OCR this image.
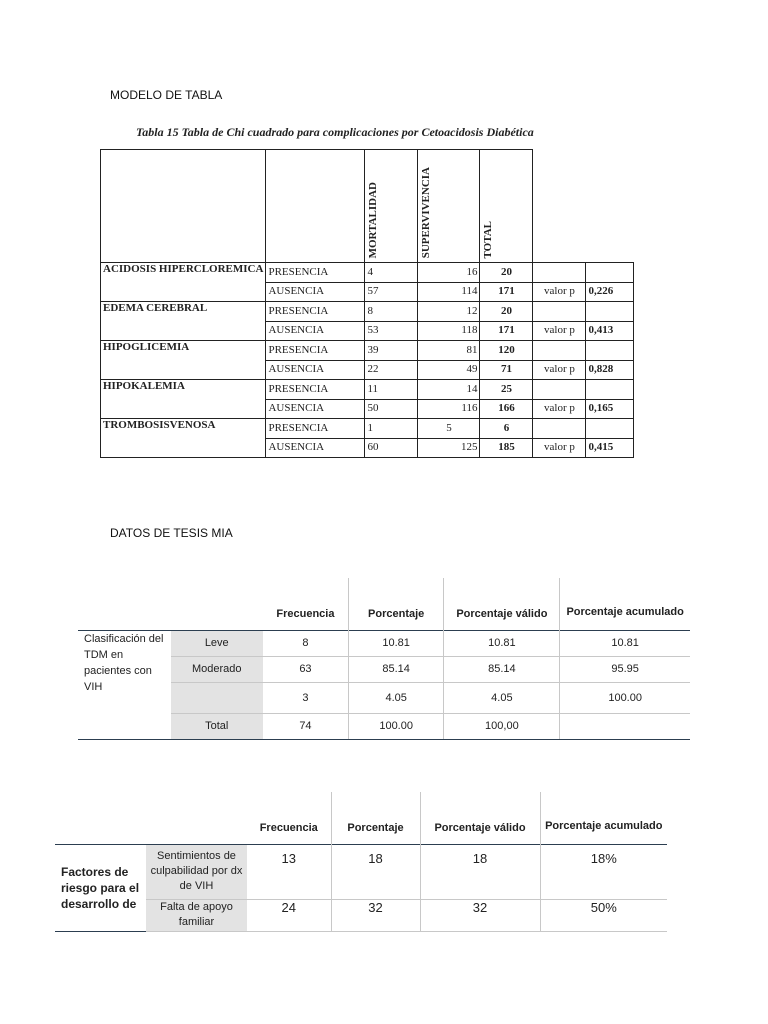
MODELO DE TABLA
Tabla 15 Tabla de Chi cuadrado para complicaciones por Cetoacidosis Diabética
		MORTALIDAD	SUPERVIVENCIA	TOTAL		
ACIDOSIS HIPERCLOREMICA	PRESENCIA	4	16	20		
	AUSENCIA	57	114	171	valor p	0,226
EDEMA CEREBRAL	PRESENCIA	8	12	20		
	AUSENCIA	53	118	171	valor p	0,413
HIPOGLICEMIA	PRESENCIA	39	81	120		
	AUSENCIA	22	49	71	valor p	0,828
HIPOKALEMIA	PRESENCIA	11	14	25		
	AUSENCIA	50	116	166	valor p	0,165
TROMBOSISVENOSA	PRESENCIA	1	5	6		
	AUSENCIA	60	125	185	valor p	0,415
DATOS DE TESIS MIA
		Frecuencia	Porcentaje	Porcentaje válido	Porcentaje acumulado
Clasificación del TDM en pacientes con VIH	Leve	8	10.81	10.81	10.81
	Moderado	63	85.14	85.14	95.95
		3	4.05	4.05	100.00
	Total	74	100.00	100,00	
		Frecuencia	Porcentaje	Porcentaje válido	Porcentaje acumulado
Factores de riesgo para el desarrollo de	Sentimientos de culpabilidad por dx de VIH	13	18	18	18%
	Falta de apoyo familiar	24	32	32	50%
